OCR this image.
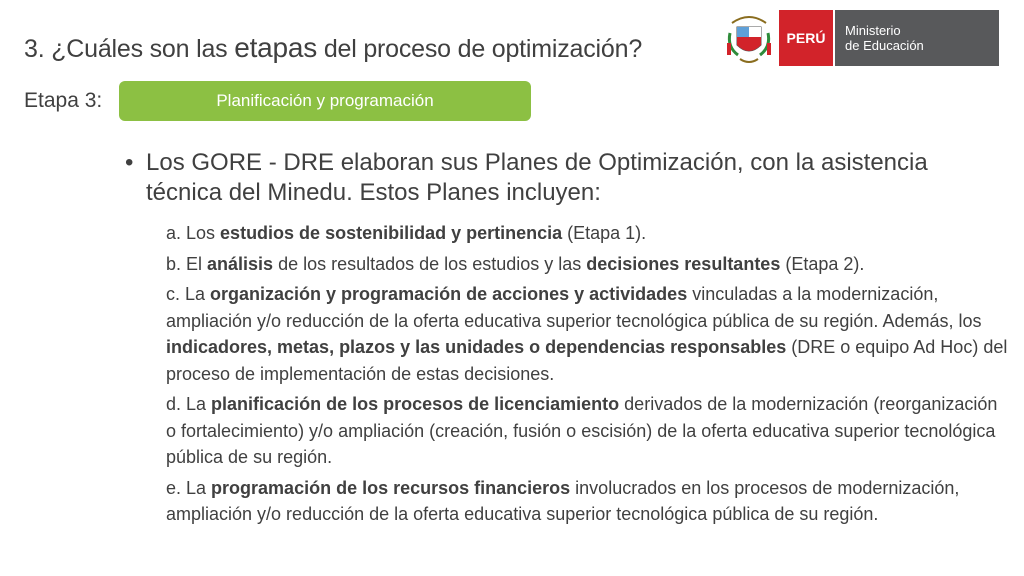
3. ¿Cuáles son las etapas del proceso de optimización?	PERÚ	Ministerio
de Educación
Etapa 3:	Planificación y programación
• Los GORE - DRE elaboran sus Planes de Optimización, con la asistencia técnica del Minedu. Estos Planes incluyen:

a. Los estudios de sostenibilidad y pertinencia (Etapa 1).

b. El análisis de los resultados de los estudios y las decisiones resultantes (Etapa 2).

c. La organización y programación de acciones y actividades vinculadas a la modernización, ampliación y/o reducción de la oferta educativa superior tecnológica pública de su región. Además, los indicadores, metas, plazos y las unidades o dependencias responsables (DRE o equipo Ad Hoc) del proceso de implementación de estas decisiones.

d. La planificación de los procesos de licenciamiento derivados de la modernización (reorganización o fortalecimiento) y/o ampliación (creación, fusión o escisión) de la oferta educativa superior tecnológica pública de su región.

e. La programación de los recursos financieros involucrados en los procesos de modernización, ampliación y/o reducción de la oferta educativa superior tecnológica pública de su región.
